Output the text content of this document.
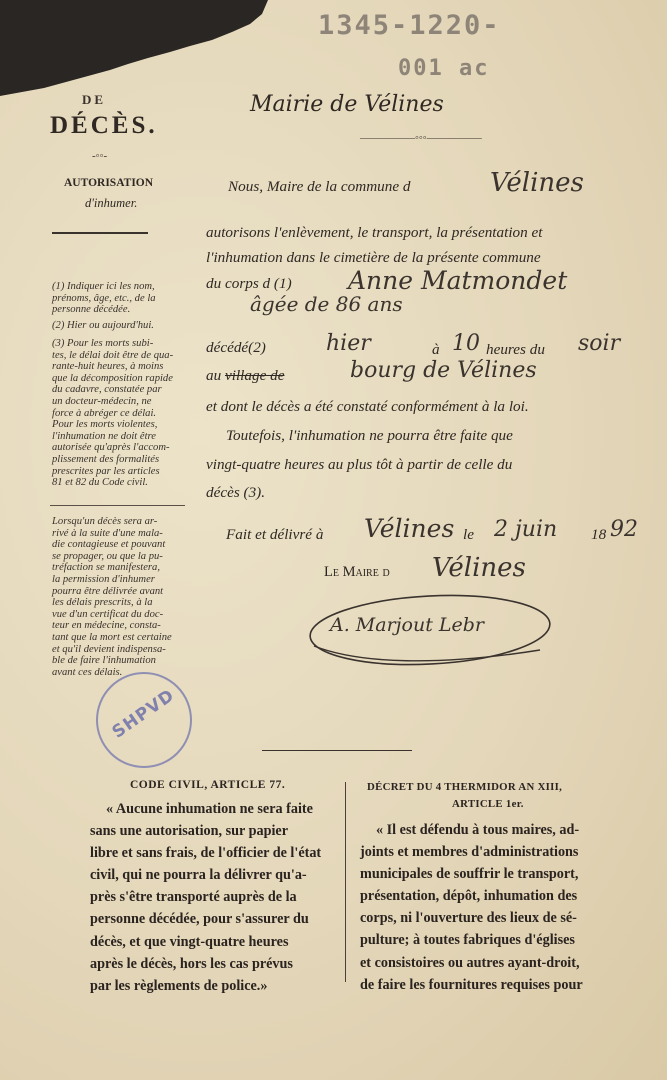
1345-1220-
001 ac
DE
DÉCÈS.
-◦◦-
AUTORISATION
d'inhumer.
(1) Indiquer ici les nom,
prénoms, âge, etc., de la
personne décédée.
(2) Hier ou aujourd'hui.
(3) Pour les morts subi-
tes, le délai doit être de qua-
rante-huit heures, à moins
que la décomposition rapide
du cadavre, constatée par
un docteur-médecin, ne
force à abréger ce délai.
Pour les morts violentes,
l'inhumation ne doit être
autorisée qu'après l'accom-
plissement des formalités
prescrites par les articles
81 et 82 du Code civil.
Lorsqu'un décès sera ar-
rivé à la suite d'une mala-
die contagieuse et pouvant
se propager, ou que la pu-
tréfaction se manifestera,
la permission d'inhumer
pourra être délivrée avant
les délais prescrits, à la
vue d'un certificat du doc-
teur en médecine, consta-
tant que la mort est certaine
et qu'il devient indispensa-
ble de faire l'inhumation
avant ces délais.
SHPVD
Mairie de Vélines
―――――◦◦◦―――――
Nous, Maire de la commune d	Vélines
autorisons l'enlèvement, le transport, la présentation et
l'inhumation dans le cimetière de la présente commune
du corps d (1) Anne Matmondet
âgée de 86 ans
décédé(2)	hier	à 10 heures du soir
au village de	bourg de Vélines
et dont le décès a été constaté conformément à la loi.
Toutefois, l'inhumation ne pourra être faite que
vingt-quatre heures au plus tôt à partir de celle du
décès (3).
Fait et délivré à Vélines le 2 juin 18 92
Le Maire d Vélines
A. Marjout Lebr
CODE CIVIL, ARTICLE 77.
« Aucune inhumation ne sera faite
sans une autorisation, sur papier
libre et sans frais, de l'officier de l'état
civil, qui ne pourra la délivrer qu'a-
près s'être transporté auprès de la
personne décédée, pour s'assurer du
décès, et que vingt-quatre heures
après le décès, hors les cas prévus
par les règlements de police.»
DÉCRET DU 4 THERMIDOR AN XIII,
ARTICLE 1er.
« Il est défendu à tous maires, ad-
joints et membres d'administrations
municipales de souffrir le transport,
présentation, dépôt, inhumation des
corps, ni l'ouverture des lieux de sé-
pulture; à toutes fabriques d'églises
et consistoires ou autres ayant-droit,
de faire les fournitures requises pour
